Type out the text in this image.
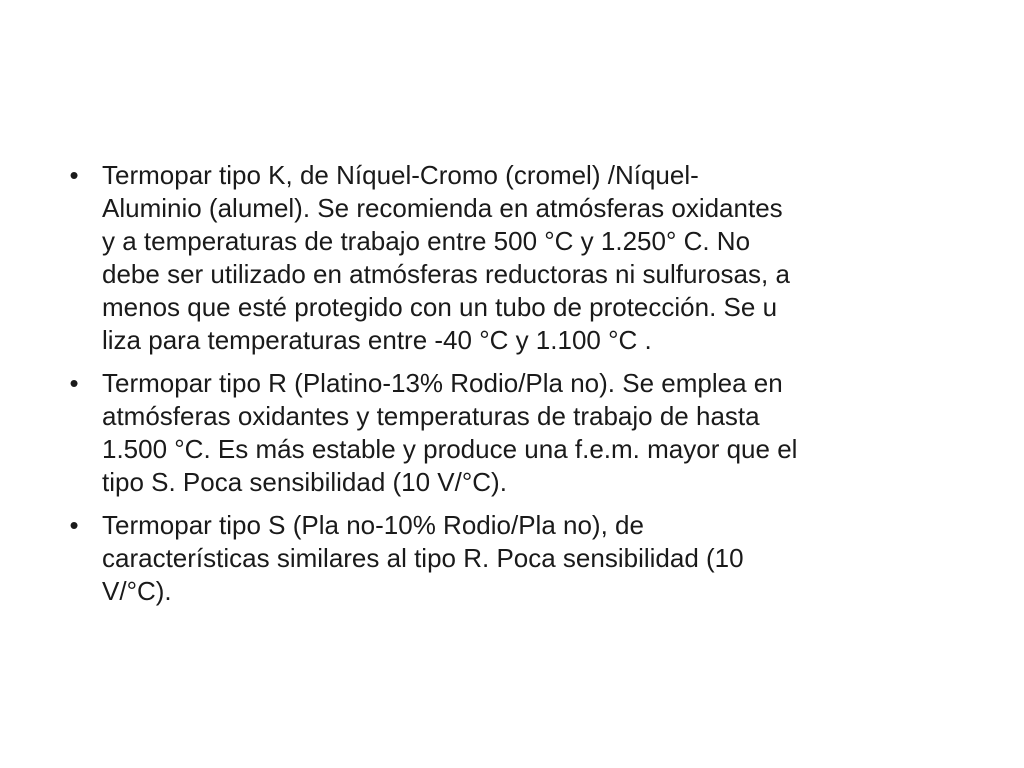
• Termopar tipo K, de Níquel-Cromo (cromel) /Níquel-
Aluminio (alumel). Se recomienda en atmósferas oxidantes
y a temperaturas de trabajo entre 500 °C y 1.250° C. No
debe ser utilizado en atmósferas reductoras ni sulfurosas, a
menos que esté protegido con un tubo de protección. Se u
liza para temperaturas entre -40 °C y 1.100 °C .
• Termopar tipo R (Platino-13% Rodio/Pla no). Se emplea en
atmósferas oxidantes y temperaturas de trabajo de hasta
1.500 °C. Es más estable y produce una f.e.m. mayor que el
tipo S. Poca sensibilidad (10 V/°C).
• Termopar tipo S (Pla no-10% Rodio/Pla no), de
características similares al tipo R. Poca sensibilidad (10
V/°C).
